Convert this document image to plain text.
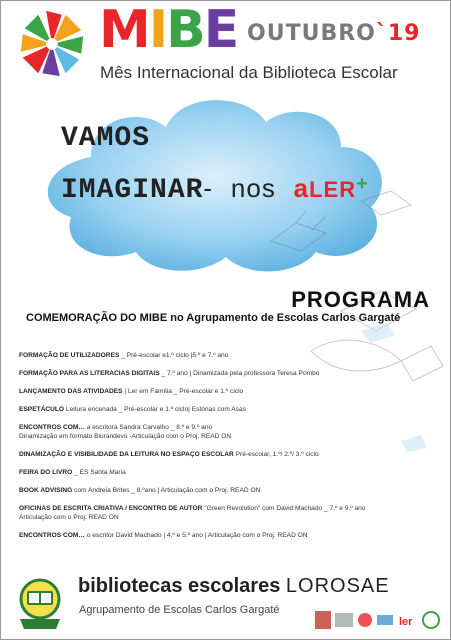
MIBE OUTUBRO`19
Mês Internacional da Biblioteca Escolar
VAMOS
IMAGINAR- nos aLER+
PROGRAMA
COMEMORAÇÃO DO MIBE no Agrupamento de Escolas Carlos Gargaté
FORMAÇÃO DE UTILIZADORES _ Pré-escolar e1.º ciclo |5.º e 7.º ano
FORMAÇÃO PARA AS LITERACIAS DIGITAIS _ 7.º ano | Dinamizada pela professora Teresa Pombo
LANÇAMENTO DAS ATIVIDADES | Ler em Família _ Pré-escolar e 1.º ciclo
ESPETÁCULO Leitura encenada _ Pré-escolar e 1.º ciclo| Estórias com Asas
ENCONTROS COM… a escritora Sandra Carvalho _ 8.º e 9.º ano
Dinamização em formato Biurandevú -Articulação com o Proj. READ ON
DINAMIZAÇÃO E VISIBILIDADE DA LEITURA NO ESPAÇO ESCOLAR Pré-escolar, 1.º/ 2.º/ 3.º ciclo
FEIRA DO LIVRO _ ES Santa Maria
BOOK ADVISING com Andreia Brites _ 8.ºano | Articulação com o Proj. READ ON
OFICINAS DE ESCRITA CRIATIVA / ENCONTRO DE AUTOR "Green Revolution" com David Machado _ 7.º e 9.º ano
Articulação com o Proj. READ ON
ENCONTROS COM… o escritor David Machado | 4.º e 5.º ano | Articulação com o Proj. READ ON
bibliotecas escolares LOROSAE
Agrupamento de Escolas Carlos Gargaté
ler
